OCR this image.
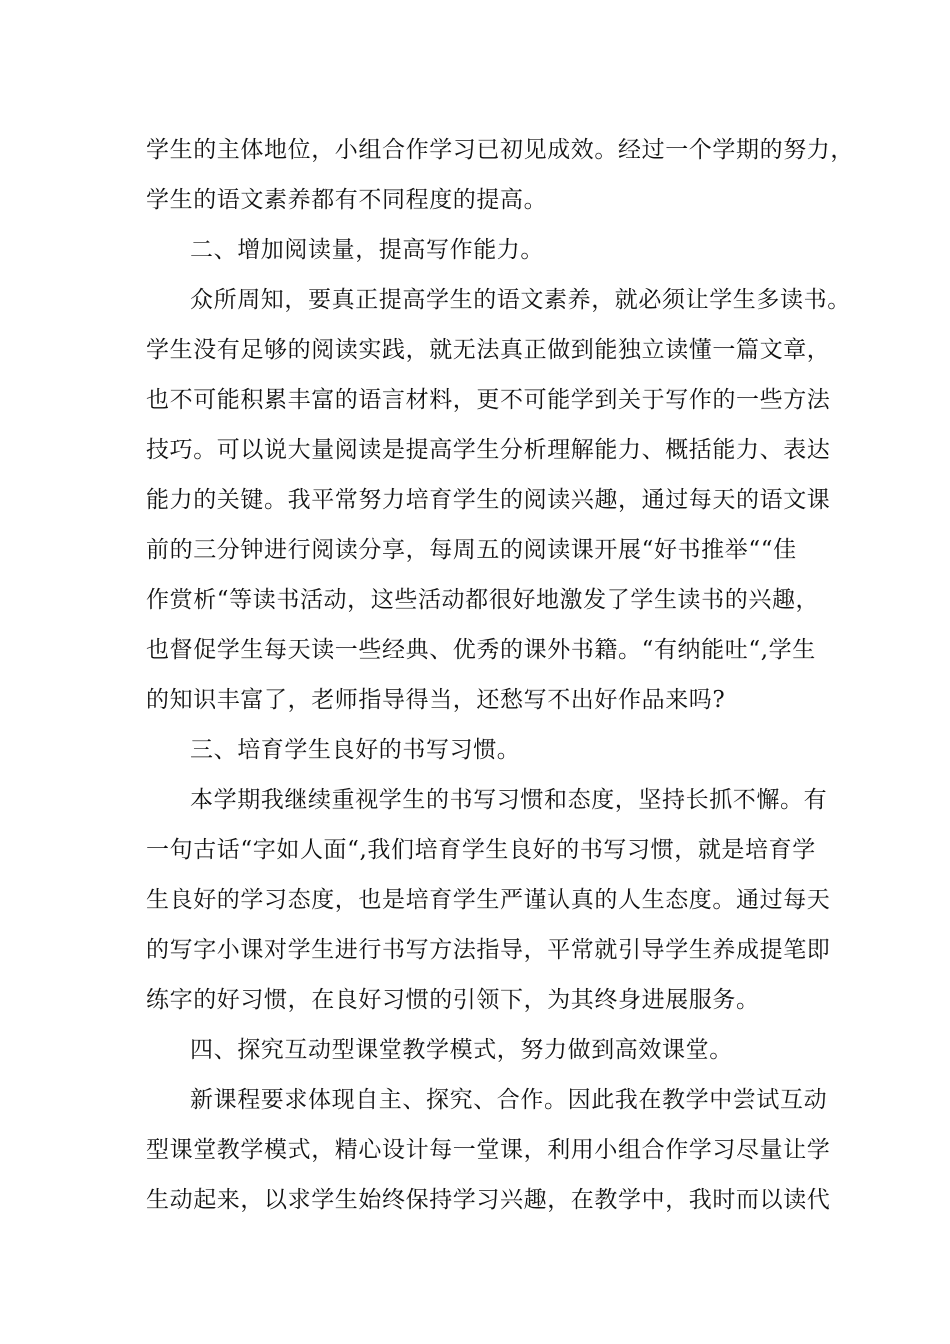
学生的主体地位，小组合作学习已初见成效。经过一个学期的努力，
学生的语文素养都有不同程度的提高。
二、增加阅读量，提高写作能力。
众所周知，要真正提高学生的语文素养，就必须让学生多读书。
学生没有足够的阅读实践，就无法真正做到能独立读懂一篇文章，
也不可能积累丰富的语言材料，更不可能学到关于写作的一些方法
技巧。可以说大量阅读是提高学生分析理解能力、概括能力、表达
能力的关键。我平常努力培育学生的阅读兴趣，通过每天的语文课
前的三分钟进行阅读分享，每周五的阅读课开展“好书推举““佳
作赏析“等读书活动，这些活动都很好地激发了学生读书的兴趣，
也督促学生每天读一些经典、优秀的课外书籍。“有纳能吐“,学生
的知识丰富了，老师指导得当，还愁写不出好作品来吗?
三、培育学生良好的书写习惯。
本学期我继续重视学生的书写习惯和态度，坚持长抓不懈。有
一句古话“字如人面“,我们培育学生良好的书写习惯，就是培育学
生良好的学习态度，也是培育学生严谨认真的人生态度。通过每天
的写字小课对学生进行书写方法指导，平常就引导学生养成提笔即
练字的好习惯，在良好习惯的引领下，为其终身进展服务。
四、探究互动型课堂教学模式，努力做到高效课堂。
新课程要求体现自主、探究、合作。因此我在教学中尝试互动
型课堂教学模式，精心设计每一堂课，利用小组合作学习尽量让学
生动起来，以求学生始终保持学习兴趣，在教学中，我时而以读代
